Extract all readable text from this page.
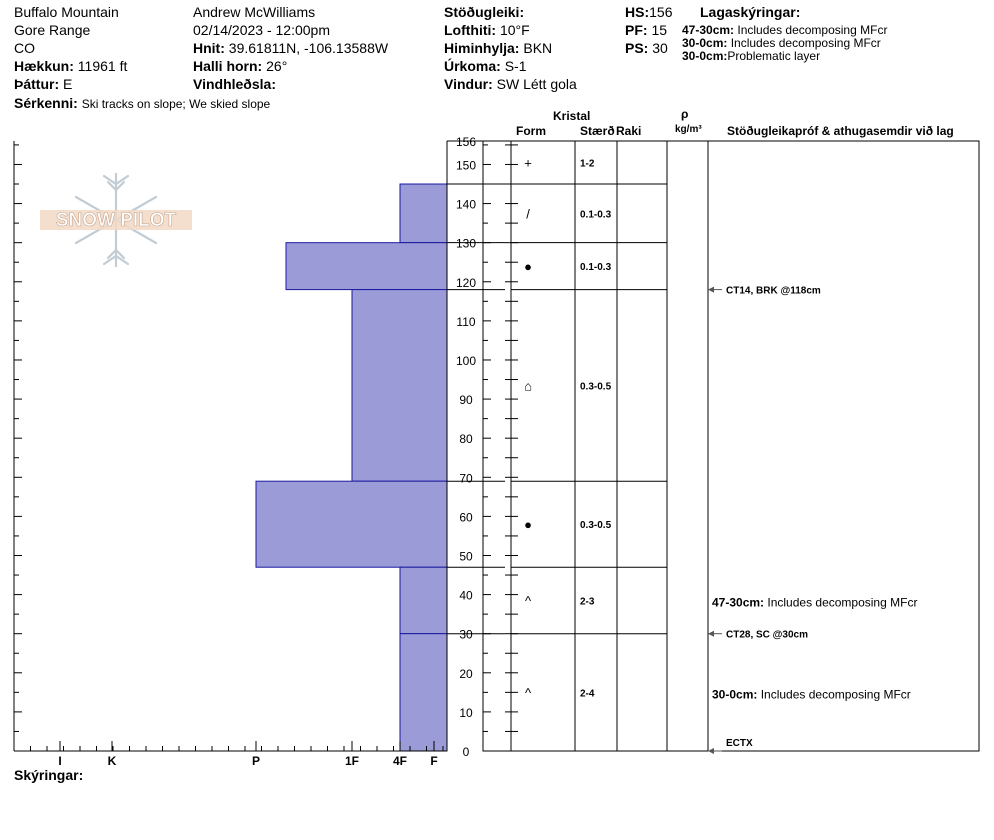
Buffalo Mountain
Gore Range
CO
Hækkun: 11961 ft
Þáttur: E
Sérkenni: Ski tracks on slope; We skied slope
Andrew McWilliams
02/14/2023 - 12:00pm
Hnit: 39.61811N, -106.13588W
Halli horn: 26°
Vindhleðsla:
Stöðugleiki:
Lofthiti: 10°F
Himinhylja: BKN
Úrkoma: S-1
Vindur: SW Létt gola
HS:156
PF: 15
PS: 30
Lagaskýringar:
47-30cm: Includes decomposing MFcr
30-0cm: Includes decomposing MFcr
30-0cm:Problematic layer
Kristal
Form	Stærð Raki
ρ
kg/m³ Stöðugleikapróf & athugasemdir við lag
SNOW PILOT
0
10
20
30
40
50
60
70
80
90
100
110
120
130
140
150
156
I	K	P	1F	4F F
+	1-2
/	0.1-0.3
●	0.1-0.3
⌂	0.3-0.5
●	0.3-0.5
^	2-3
^	2-4
CT14, BRK @118cm
CT28, SC @30cm
ECTX
47-30cm: Includes decomposing MFcr
30-0cm: Includes decomposing MFcr
Skýringar:
